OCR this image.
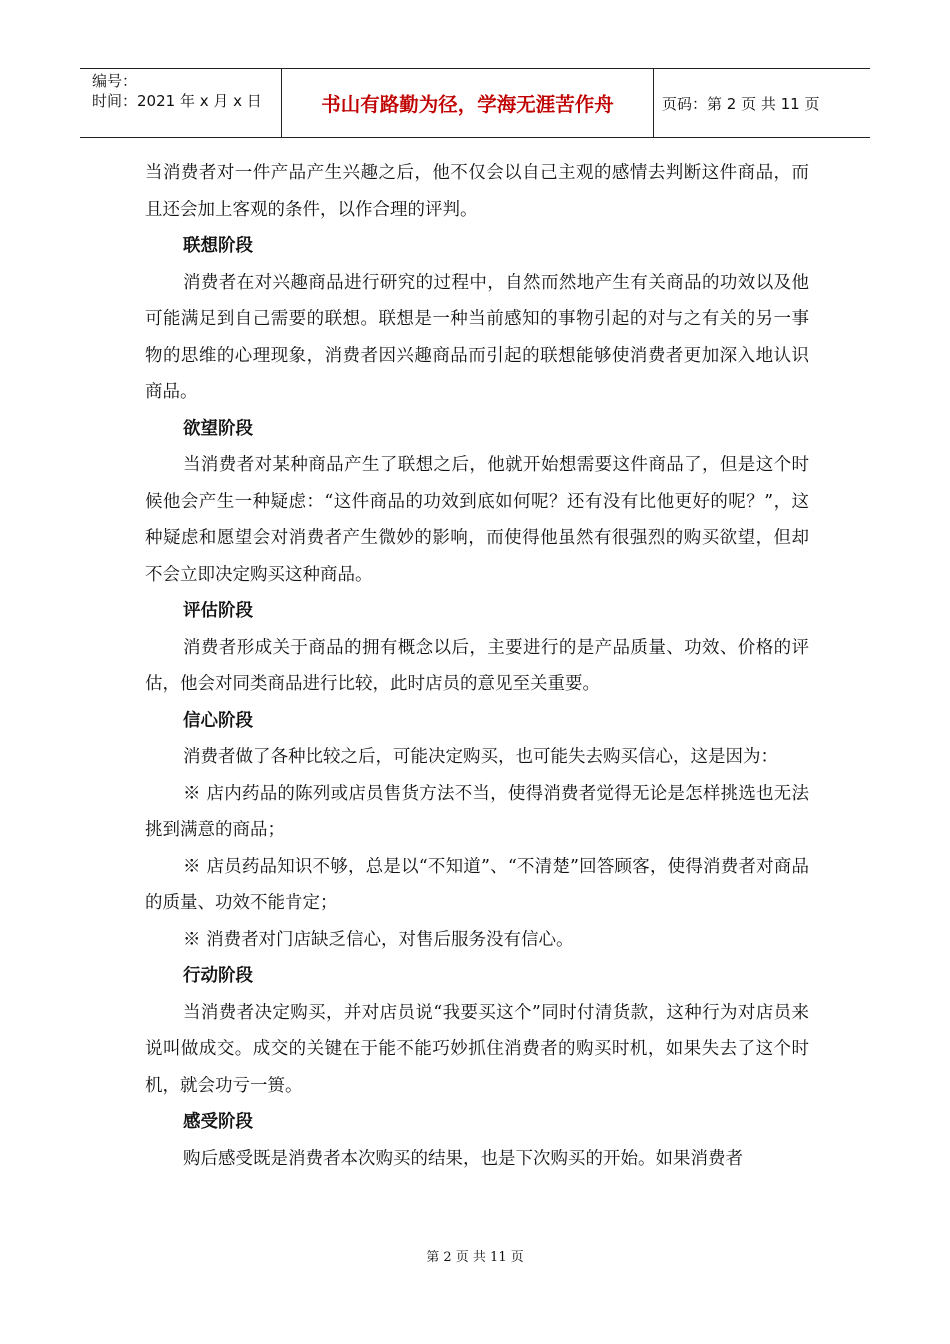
编号：
时间：2021 年 x 月 x 日	书山有路勤为径，学海无涯苦作舟	页码：第 2 页 共 11 页

当消费者对一件产品产生兴趣之后，他不仅会以自己主观的感情去判断这件商品，而且还会加上客观的条件，以作合理的评判。

联想阶段

消费者在对兴趣商品进行研究的过程中，自然而然地产生有关商品的功效以及他可能满足到自己需要的联想。联想是一种当前感知的事物引起的对与之有关的另一事物的思维的心理现象，消费者因兴趣商品而引起的联想能够使消费者更加深入地认识商品。

欲望阶段

当消费者对某种商品产生了联想之后，他就开始想需要这件商品了，但是这个时候他会产生一种疑虑：“这件商品的功效到底如何呢？还有没有比他更好的呢？”，这种疑虑和愿望会对消费者产生微妙的影响，而使得他虽然有很强烈的购买欲望，但却不会立即决定购买这种商品。

评估阶段

消费者形成关于商品的拥有概念以后，主要进行的是产品质量、功效、价格的评估，他会对同类商品进行比较，此时店员的意见至关重要。

信心阶段

消费者做了各种比较之后，可能决定购买，也可能失去购买信心，这是因为：

※ 店内药品的陈列或店员售货方法不当，使得消费者觉得无论是怎样挑选也无法挑到满意的商品；

※ 店员药品知识不够，总是以“不知道”、“不清楚”回答顾客，使得消费者对商品的质量、功效不能肯定；

※ 消费者对门店缺乏信心，对售后服务没有信心。

行动阶段

当消费者决定购买，并对店员说“我要买这个”同时付清货款，这种行为对店员来说叫做成交。成交的关键在于能不能巧妙抓住消费者的购买时机，如果失去了这个时机，就会功亏一篑。

感受阶段

购后感受既是消费者本次购买的结果，也是下次购买的开始。如果消费者

第 2 页 共 11 页
